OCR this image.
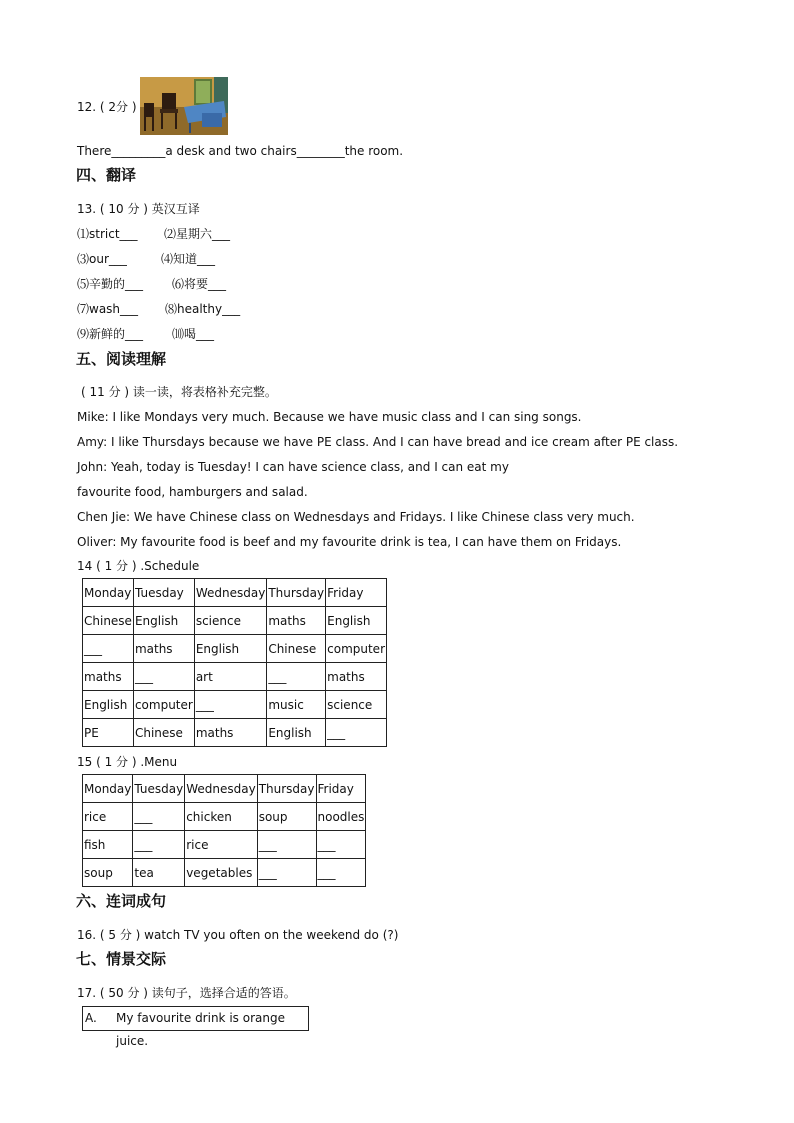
12. ( 2分 )
There_________a desk and two chairs________the room.
四、翻译
13. ( 10 分 ) 英汉互译
⑴strict___ ⑵星期六___
⑶our___	⑷知道___
⑸辛勤的___ ⑹将要___
⑺wash___ ⑻healthy___
⑼新鲜的___ ⑽喝___
五、阅读理解
( 11 分 ) 读一读，将表格补充完整。
Mike: I like Mondays very much. Because we have music class and I can sing songs.
Amy: I like Thursdays because we have PE class. And I can have bread and ice cream after PE class.
John: Yeah, today is Tuesday! I can have science class, and I can eat my
favourite food, hamburgers and salad.
Chen Jie: We have Chinese class on Wednesdays and Fridays. I like Chinese class very much.
Oliver: My favourite food is beef and my favourite drink is tea, I can have them on Fridays.
14 ( 1 分 ) .Schedule
Monday	Tuesday	Wednesday	Thursday	Friday
Chinese	English	science	maths	English
___	maths	English	Chinese	computer
maths	___	art	___	maths
English	computer	___	music	science
PE	Chinese	maths	English	___
15 ( 1 分 ) .Menu
Monday	Tuesday	Wednesday	Thursday	Friday
rice	___	chicken	soup	noodles
fish	___	rice	___	___
soup	tea	vegetables	___	___
六、连词成句
16. ( 5 分 ) watch TV you often on the weekend do (?)
七、情景交际
17. ( 50 分 ) 读句子，选择合适的答语。
A. My favourite drink is orange juice.
